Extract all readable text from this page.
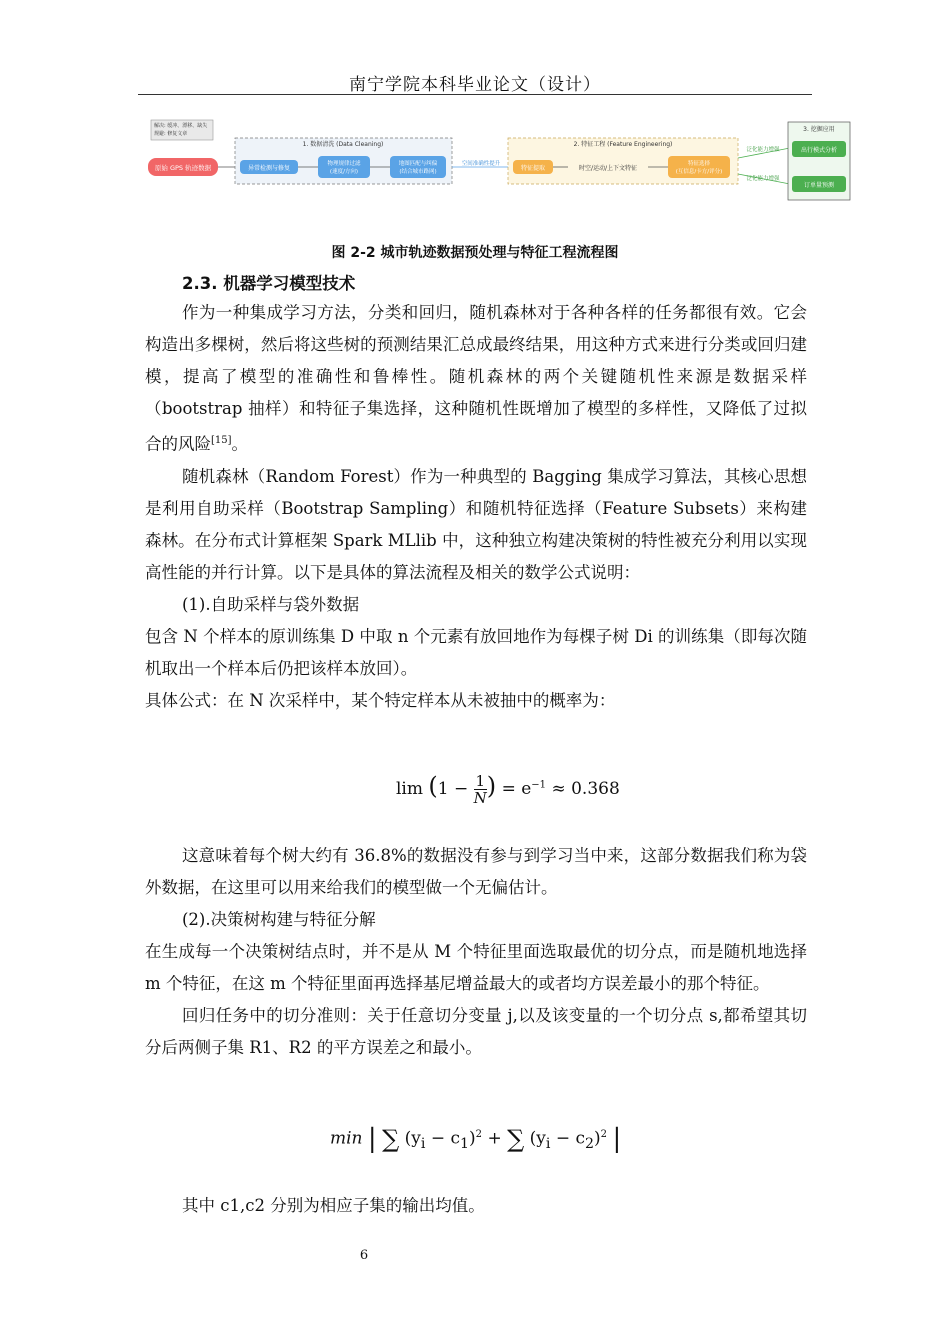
南宁学院本科毕业论文（设计）
解决: 缓冲、漂移、缺失
规避: 修复文章
原始 GPS 轨迹数据
1. 数据清洗 (Data Cleaning)
异常检测与修复
物理规律过滤
(速度/方向)
地图匹配与纠偏
(结合城市路网)
空间准确性提升
2. 特征工程 (Feature Engineering)
特征提取	时空/运动/上下文特征
特征选择
(互信息/卡方/评分)
泛化能力增强
泛化能力增强
3. 挖掘应用
出行模式分析
订单量预测
图 2-2 城市轨迹数据预处理与特征工程流程图
2.3. 机器学习模型技术

作为一种集成学习方法，分类和回归，随机森林对于各种各样的任务都很有效。它会构造出多棵树，然后将这些树的预测结果汇总成最终结果，用这种方式来进行分类或回归建模，提高了模型的准确性和鲁棒性。随机森林的两个关键随机性来源是数据采样（bootstrap 抽样）和特征子集选择，这种随机性既增加了模型的多样性，又降低了过拟合的风险[15]。

随机森林（Random Forest）作为一种典型的 Bagging 集成学习算法，其核心思想是利用自助采样（Bootstrap Sampling）和随机特征选择（Feature Subsets）来构建森林。在分布式计算框架 Spark MLlib 中，这种独立构建决策树的特性被充分利用以实现高性能的并行计算。以下是具体的算法流程及相关的数学公式说明：

(1).自助采样与袋外数据

包含 N 个样本的原训练集 D 中取 n 个元素有放回地作为每棵子树 Di 的训练集（即每次随机取出一个样本后仍把该样本放回）。

具体公式：在 N 次采样中，某个特定样本从未被抽中的概率为：

$\lim (1 - \frac{1}{N}$ ) = $e^{-1} \approx 0.368$

这意味着每个树大约有 36.8%的数据没有参与到学习当中来，这部分数据我们称为袋外数据，在这里可以用来给我们的模型做一个无偏估计。

(2).决策树构建与特征分解

在生成每一个决策树结点时，并不是从 M 个特征里面选取最优的切分点，而是随机地选择 m 个特征，在这 m 个特征里面再选择基尼增益最大的或者均方误差最小的那个特征。

回归任务中的切分准则：关于任意切分变量 j,以及该变量的一个切分点 s,都希望其切分后两侧子集 R1、R2 的平方误差之和最小。

min | ∑ $(y_i - c_1)^2$ + ∑ $(y_i - c_2)^2$ |

其中 c1,c2 分别为相应子集的输出均值。

6
